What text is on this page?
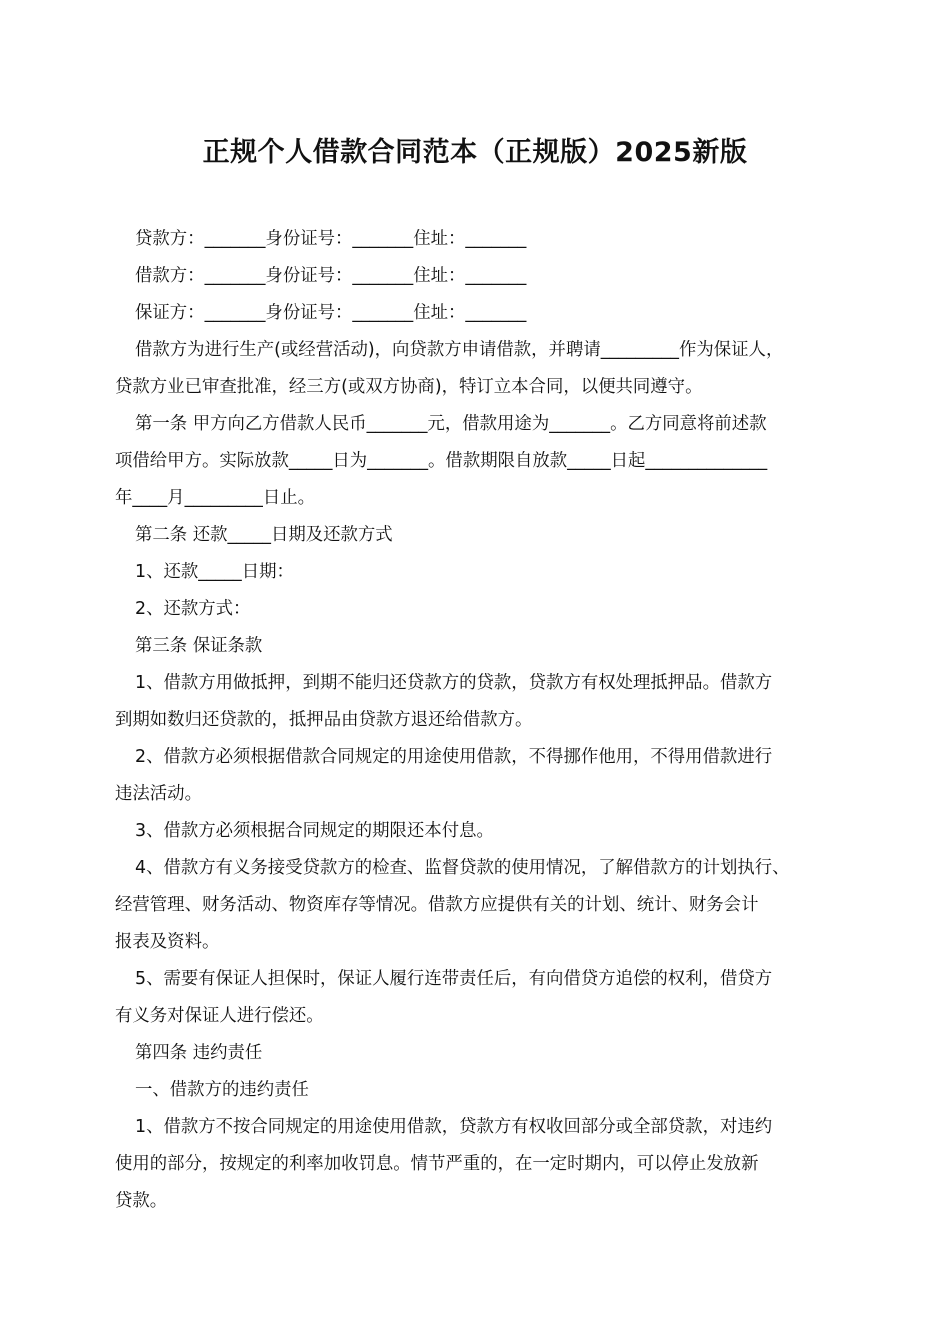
正规个人借款合同范本（正规版）2025新版
贷款方：_______身份证号：_______住址：_______
借款方：_______身份证号：_______住址：_______
保证方：_______身份证号：_______住址：_______
借款方为进行生产(或经营活动)，向贷款方申请借款，并聘请_________作为保证人，
贷款方业已审查批准，经三方(或双方协商)，特订立本合同，以便共同遵守。
第一条 甲方向乙方借款人民币_______元，借款用途为_______。乙方同意将前述款
项借给甲方。实际放款_____日为_______。借款期限自放款_____日起______________
年____月_________日止。
第二条 还款_____日期及还款方式
1、还款_____日期：
2、还款方式：
第三条 保证条款
1、借款方用做抵押，到期不能归还贷款方的贷款，贷款方有权处理抵押品。借款方
到期如数归还贷款的，抵押品由贷款方退还给借款方。
2、借款方必须根据借款合同规定的用途使用借款，不得挪作他用，不得用借款进行
违法活动。
3、借款方必须根据合同规定的期限还本付息。
4、借款方有义务接受贷款方的检查、监督贷款的使用情况，了解借款方的计划执行、
经营管理、财务活动、物资库存等情况。借款方应提供有关的计划、统计、财务会计
报表及资料。
5、需要有保证人担保时，保证人履行连带责任后，有向借贷方追偿的权利，借贷方
有义务对保证人进行偿还。
第四条 违约责任
一、借款方的违约责任
1、借款方不按合同规定的用途使用借款，贷款方有权收回部分或全部贷款，对违约
使用的部分，按规定的利率加收罚息。情节严重的，在一定时期内，可以停止发放新
贷款。
